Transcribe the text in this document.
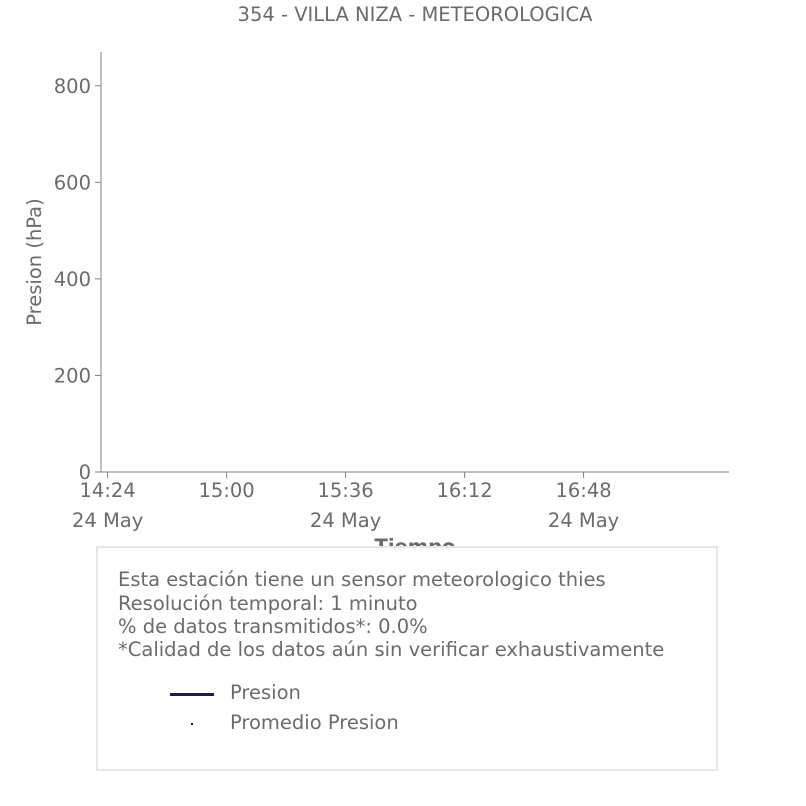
354 - VILLA NIZA - METEOROLOGICA
0
200
400
600
800
14:24
24 May
15:00	15:36
24 May
16:12	16:48
24 May
Presion (hPa)
Esta estación tiene un sensor meteorologico thies
Resolución temporal: 1 minuto
% de datos transmitidos*: 0.0%
*Calidad de los datos aún sin verificar exhaustivamente
Presion
Promedio Presion
